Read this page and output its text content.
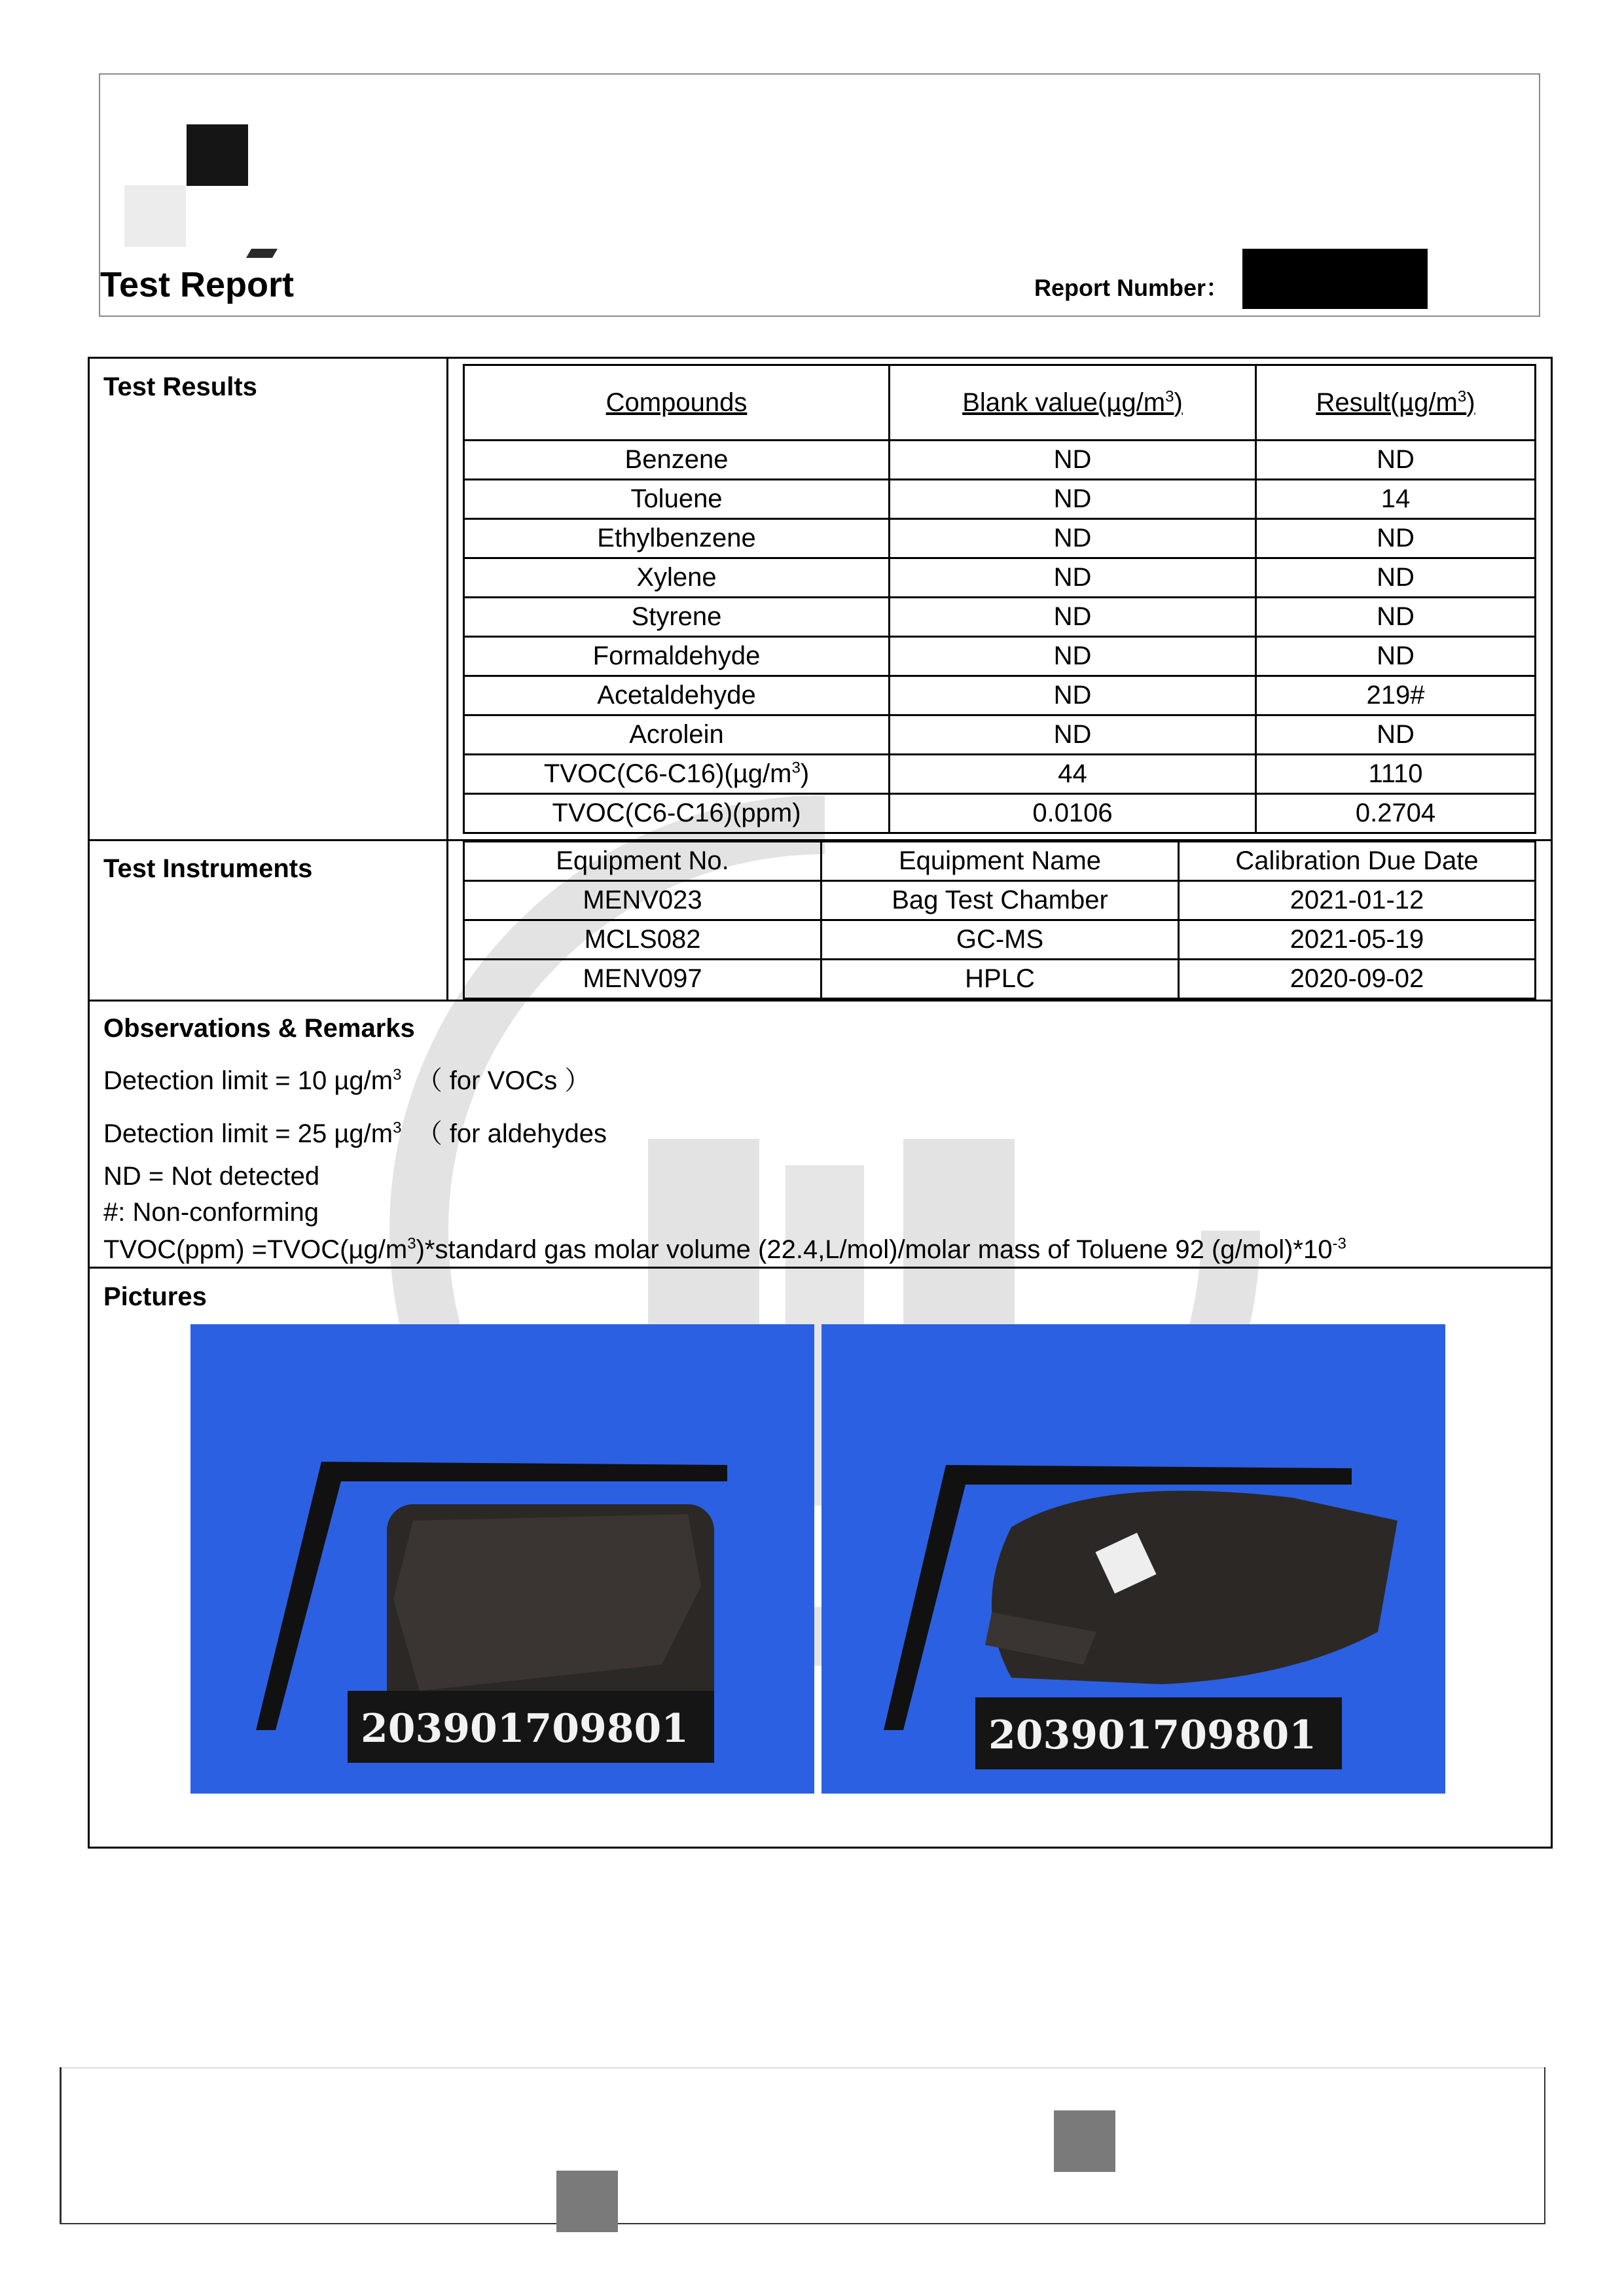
Test Report	Report Number：
Test Results
Test Instruments
Observations & Remarks
Pictures
Compounds	Blank $value(\mu g/m^3)$	$Result(\mu g/m^3)$
Benzene	ND	ND
Toluene	ND	14
Ethylbenzene	ND	ND
Xylene	ND	ND
Styrene	ND	ND
Formaldehyde	ND	ND
Acetaldehyde	ND	219#
Acrolein	ND	ND
$TVOC(C6-C16)(\mu g/m^3)$	44	1110
TVOC(C6-C16)(ppm)	0.0106	0.2704
Equipment No.	Equipment Name	Calibration Due Date
MENV023	Bag Test Chamber	2021-01-12
MCLS082	GC-MS	2021-05-19
MENV097	HPLC	2020-09-02
Detection limit = 10 $\mu g/m^3$  （ for VOCs ）
Detection limit = 25 $\mu g/m^3$  （ for aldehydes
ND = Not detected
#: Non-conforming
TVOC(ppm) $=TVOC(\mu g/m^3)*standard$ gas molar volume (22.4,L/mol)/molar mass of Toluene 92 $(g/mol)*10^{-3}$
203901709801	203901709801
